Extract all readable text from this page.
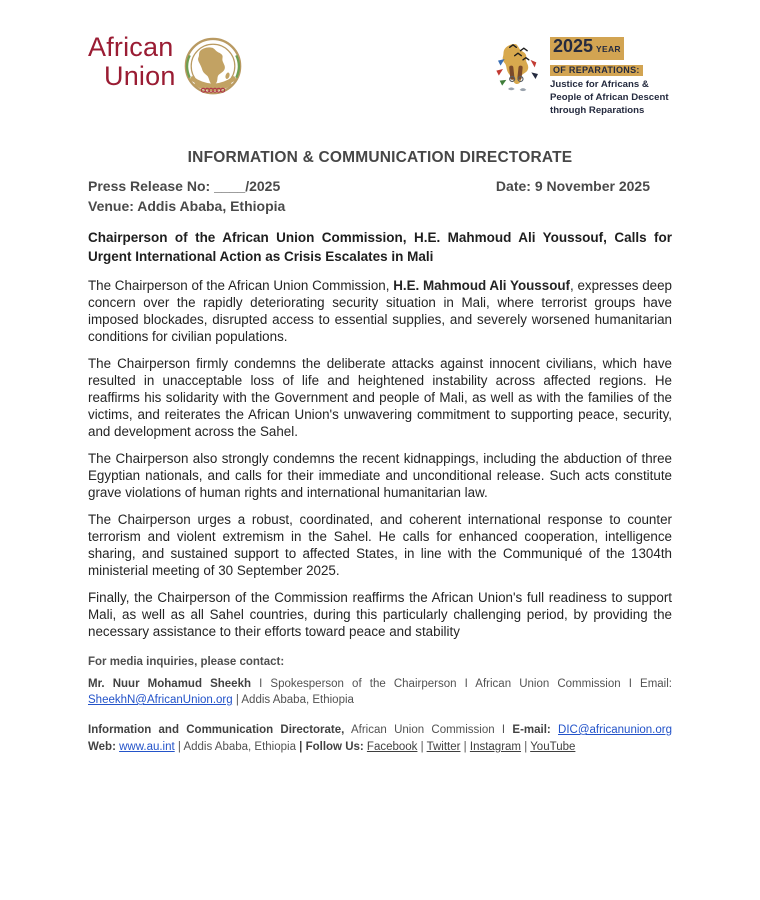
African
Union
2025 YEAR
OF REPARATIONS:
Justice for Africans &
People of African Descent
through Reparations
INFORMATION & COMMUNICATION DIRECTORATE
Press Release No: ____/2025	Date: 9 November 2025
Venue: Addis Ababa, Ethiopia
Chairperson of the African Union Commission, H.E. Mahmoud Ali Youssouf, Calls for Urgent International Action as Crisis Escalates in Mali

The Chairperson of the African Union Commission, H.E. Mahmoud Ali Youssouf, expresses deep concern over the rapidly deteriorating security situation in Mali, where terrorist groups have imposed blockades, disrupted access to essential supplies, and severely worsened humanitarian conditions for civilian populations.

The Chairperson firmly condemns the deliberate attacks against innocent civilians, which have resulted in unacceptable loss of life and heightened instability across affected regions. He reaffirms his solidarity with the Government and people of Mali, as well as with the families of the victims, and reiterates the African Union's unwavering commitment to supporting peace, security, and development across the Sahel.

The Chairperson also strongly condemns the recent kidnappings, including the abduction of three Egyptian nationals, and calls for their immediate and unconditional release. Such acts constitute grave violations of human rights and international humanitarian law.

The Chairperson urges a robust, coordinated, and coherent international response to counter terrorism and violent extremism in the Sahel. He calls for enhanced cooperation, intelligence sharing, and sustained support to affected States, in line with the Communiqué of the 1304th ministerial meeting of 30 September 2025.

Finally, the Chairperson of the Commission reaffirms the African Union's full readiness to support Mali, as well as all Sahel countries, during this particularly challenging period, by providing the necessary assistance to their efforts toward peace and stability

For media inquiries, please contact:
Mr. Nuur Mohamud Sheekh I Spokesperson of the Chairperson I African Union Commission I Email:
SheekhN@AfricanUnion.org | Addis Ababa, Ethiopia
Information and Communication Directorate, African Union Commission I E-mail: DIC@africanunion.org
Web: www.au.int | Addis Ababa, Ethiopia | Follow Us: Facebook | Twitter | Instagram | YouTube
